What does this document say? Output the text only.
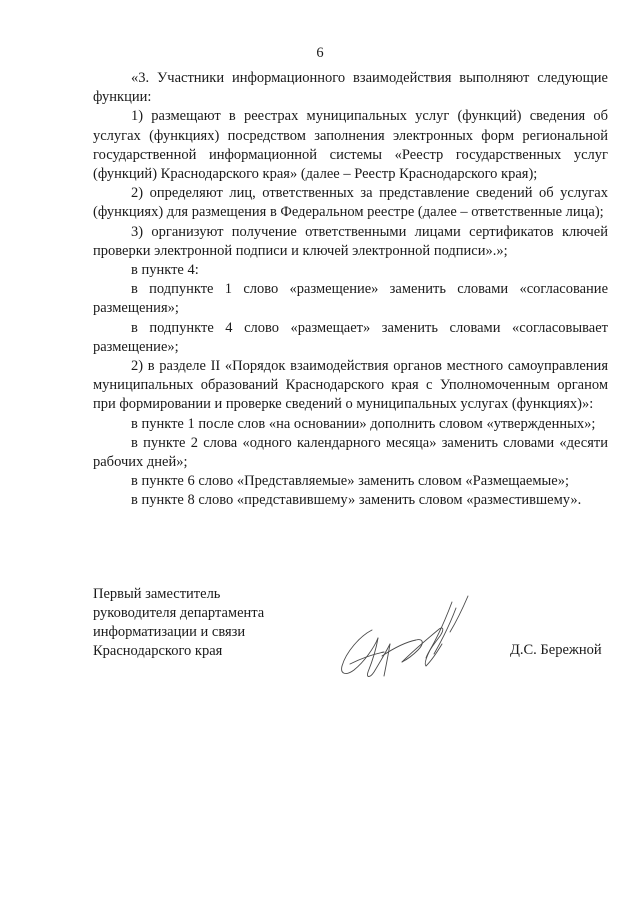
6

«3. Участники информационного взаимодействия выполняют следующие функции:

1) размещают в реестрах муниципальных услуг (функций) сведения об услугах (функциях) посредством заполнения электронных форм региональной государственной информационной системы «Реестр государственных услуг (функций) Краснодарского края» (далее – Реестр Краснодарского края);

2) определяют лиц, ответственных за представление сведений об услугах (функциях) для размещения в Федеральном реестре (далее – ответственные лица);

3) организуют получение ответственными лицами сертификатов ключей проверки электронной подписи и ключей электронной подписи».»;

в пункте 4:

в подпункте 1 слово «размещение» заменить словами «согласование размещения»;

в подпункте 4 слово «размещает» заменить словами «согласовывает размещение»;

2) в разделе II «Порядок взаимодействия органов местного самоуправления муниципальных образований Краснодарского края с Уполномоченным органом при формировании и проверке сведений о муниципальных услугах (функциях)»:

в пункте 1 после слов «на основании» дополнить словом «утвержденных»;

в пункте 2 слова «одного календарного месяца» заменить словами «десяти рабочих дней»;

в пункте 6 слово «Представляемые» заменить словом «Размещаемые»;

в пункте 8 слово «представившему» заменить словом «разместившему».

Первый заместитель
руководителя департамента
информатизации и связи
Краснодарского края	Д.С. Бережной
